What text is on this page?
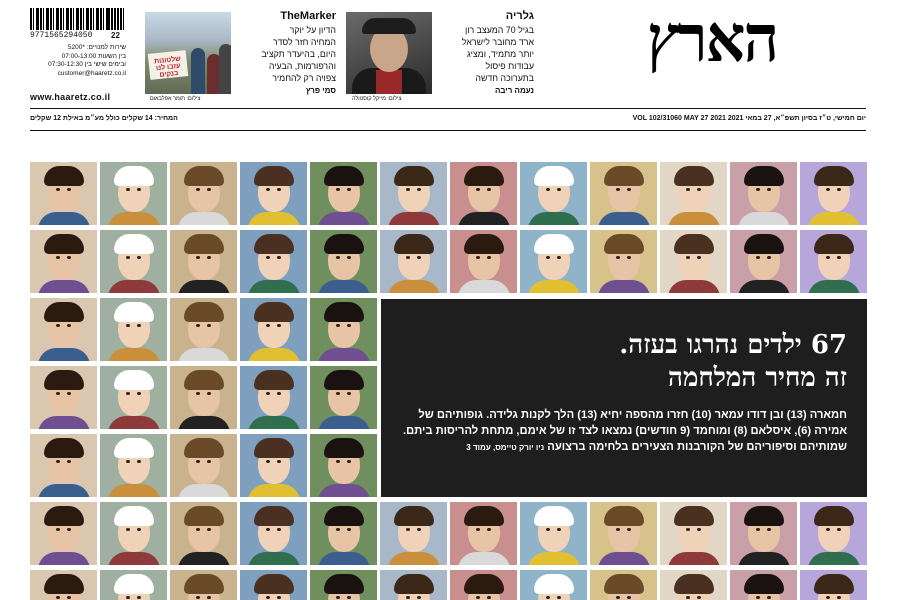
9771565294050 22
שירות למנויים: *5200
בין השעות 07:00-13:00
ובימים שישי בין 07:30-12:30
customer@haaretz.co.il
www.haaretz.co.il
שלטונות עזבו לנו בנקים
צילום: תומר אפלבאום
TheMarker
הדיון על יוקר
המחיה חזר לסדר
היום, בהיעדר תקציב
והרפורמות, הבעיה
צפויה רק להחמיר
סמי פרץ
צילום: מייקל קוסטולה
גלריה
בגיל 70 המעצב רון
ארד מחובר לישראל
יותר מתמיד, ומציג
עבודות פיסול
בתערוכה חדשה
נעמה ריבה
הארץ
המחיר: 14 שקלים כולל מע״מ באילת 12 שקלים	יום חמישי, ט״ז בסיון תשפ״א, 27 במאי 2021 VOL 102/31060 MAY 27 2021
67 ילדים נהרגו בעזה.
זה מחיר המלחמה
חמארה (13) ובן דודו עמאר (10) חזרו מהספה יחיא (13) הלך לקנות גלידה. גופותיהם של אמירה (6), איסלאם (8) ומוחמד (9 חודשים) נמצאו לצד זו של אימם, מתחת להריסות ביתם. שמותיהם וסיפוריהם של הקורבנות הצעירים בלחימה ברצועה ניו יורק טיימס, עמוד 3
